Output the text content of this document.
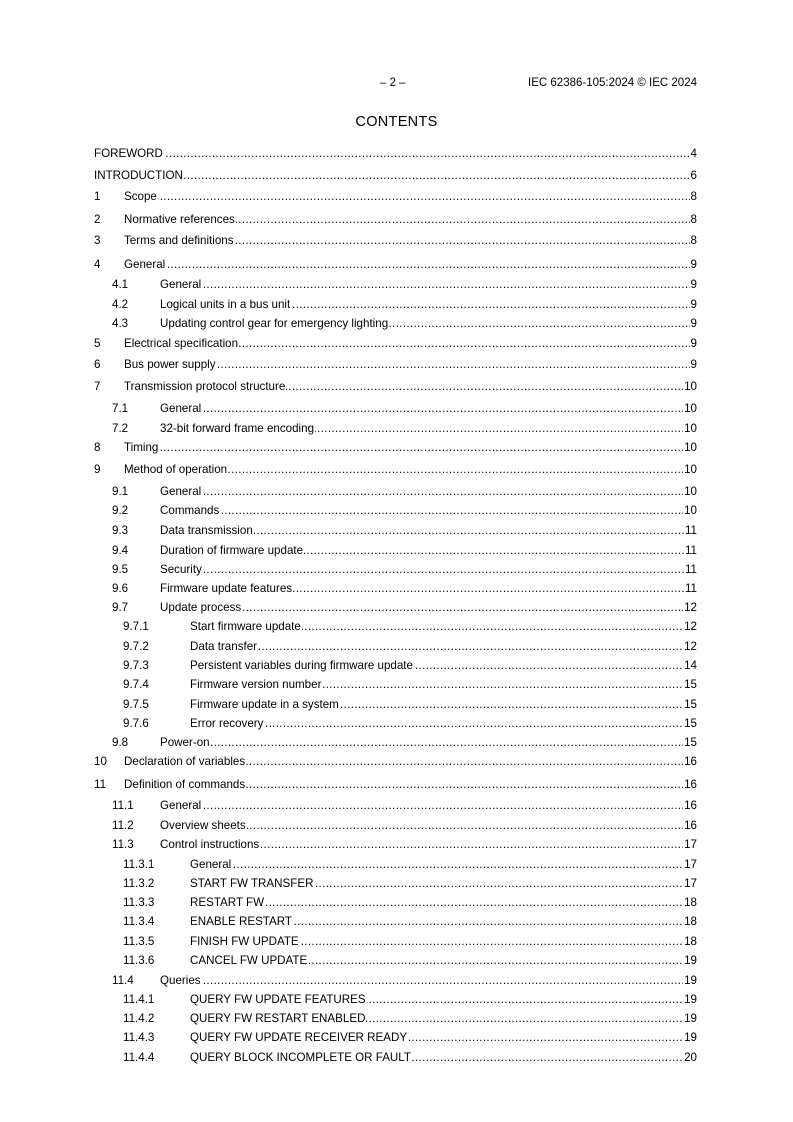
– 2 –	IEC 62386-105:2024 © IEC 2024
CONTENTS
.....
FOREWORD	4
.....
INTRODUCTION	6
1 ..... Scope	8
2 ..... Normative references	8
3 ..... Terms and definitions	8
4 ..... General	9
4.1 .....	General	9
4.2 .....	Logical units in a bus unit	9
4.3 .....	Updating control gear for emergency lighting	9
5 ..... Electrical specification	9
6 ..... Bus power supply	9
7 ..... Transmission protocol structure	10
7.1 .....	General	10
7.2 .....	32-bit forward frame encoding	10
8 ..... Timing	10
9 ..... Method of operation	10
9.1 .....	General	10
9.2 .....	Commands	10
9.3 .....	Data transmission	11
9.4 .....	Duration of firmware update	11
9.5 .....	Security	11
9.6 .....	Firmware update features	11
9.7 .....	Update process	12
9.7.1 .....	Start firmware update	12
9.7.2 .....	Data transfer	12
9.7.3 .....	Persistent variables during firmware update	14
9.7.4 .....	Firmware version number	15
9.7.5 .....	Firmware update in a system	15
9.7.6 .....	Error recovery	15
9.8 .....	Power-on	15
10 ..... Declaration of variables	16
11 ..... Definition of commands	16
11.1 ..... General	16
11.2 ..... Overview sheets	16
11.3 ..... Control instructions	17
11.3.1 .....	General	17
11.3.2 .....	START FW TRANSFER	17
11.3.3 .....	RESTART FW	18
11.3.4 .....	ENABLE RESTART	18
11.3.5 .....	FINISH FW UPDATE	18
11.3.6 .....	CANCEL FW UPDATE	19
11.4 ..... Queries	19
11.4.1 .....	QUERY FW UPDATE FEATURES	19
11.4.2 .....	QUERY FW RESTART ENABLED	19
11.4.3 .....	QUERY FW UPDATE RECEIVER READY	19
11.4.4 .....	QUERY BLOCK INCOMPLETE OR FAULT	20
